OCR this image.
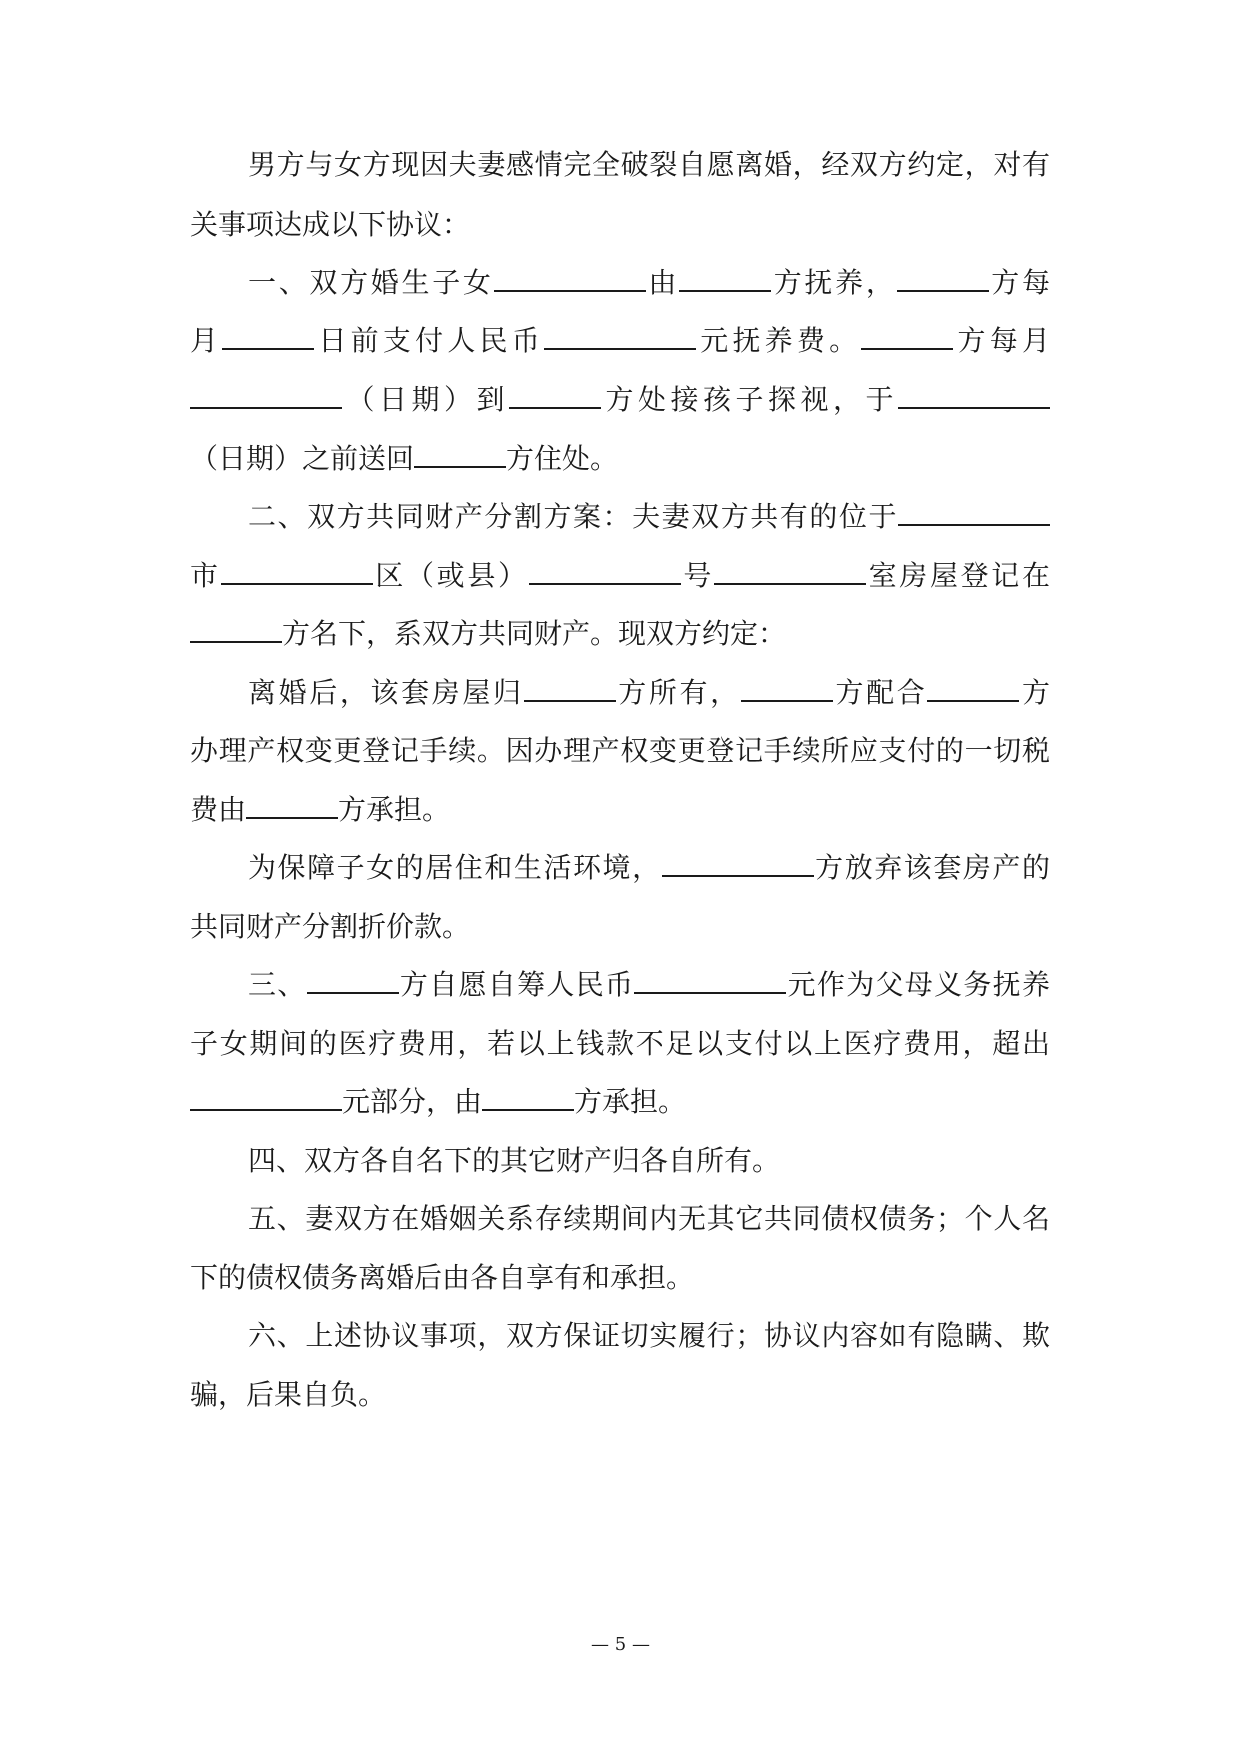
男方与女方现因夫妻感情完全破裂自愿离婚，经双方约定，对有
关事项达成以下协议：
一、双方婚生子女	由	方抚养，	方每
月	日前支付人民币	元抚养费。	方每月
（日期）到	方处接孩子探视，于
（日期）之前送回	方住处。
二、双方共同财产分割方案：夫妻双方共有的位于
市	区（或县）	号	室房屋登记在
方名下，系双方共同财产。现双方约定：
离婚后，该套房屋归	方所有，	方配合	方
办理产权变更登记手续。因办理产权变更登记手续所应支付的一切税
费由	方承担。
为保障子女的居住和生活环境，	方放弃该套房产的
共同财产分割折价款。
三、	方自愿自筹人民币	元作为父母义务抚养
子女期间的医疗费用，若以上钱款不足以支付以上医疗费用，超出
元部分，由	方承担。
四、双方各自名下的其它财产归各自所有。
五、妻双方在婚姻关系存续期间内无其它共同债权债务；个人名
下的债权债务离婚后由各自享有和承担。
六、上述协议事项，双方保证切实履行；协议内容如有隐瞒、欺
骗，后果自负。
— 5 —
